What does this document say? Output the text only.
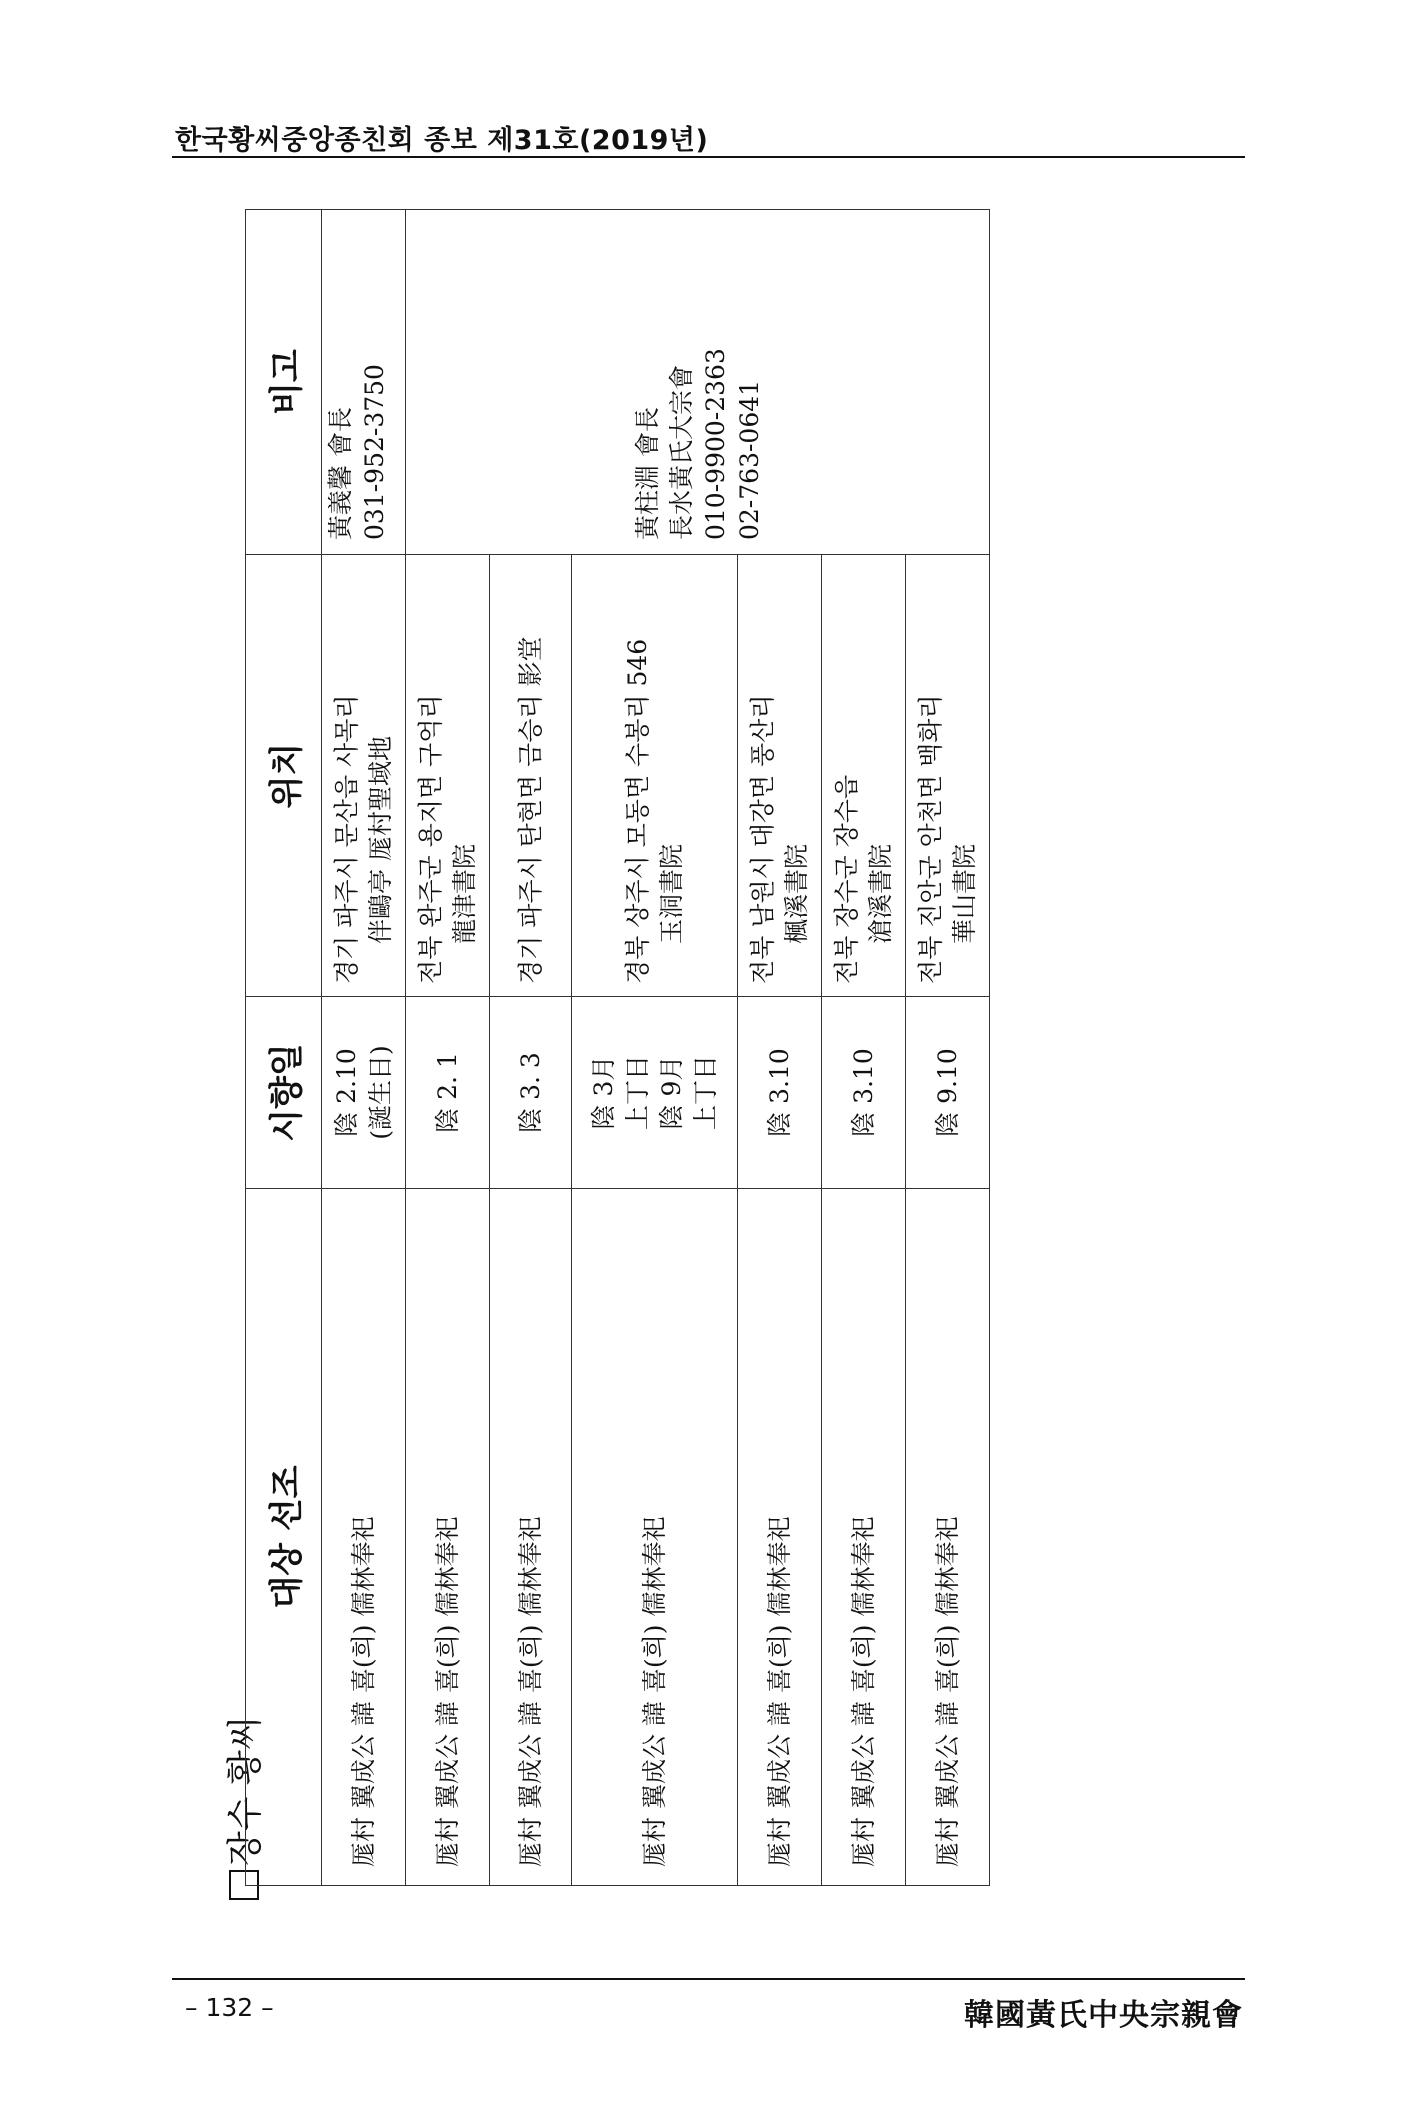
한국황씨중앙종친회 종보 제31호(2019년)
장수 황씨
대상 선조	시향일	위치	비고
厖村 翼成公 諱 喜(희) 儒林奉祀	陰 2.10 (誕生日)	경기 파주시 문산읍 사목리 伴鷗亭 厖村聖域地	黃義馨 會長 031-952-3750

厖村 翼成公 諱 喜(희) 儒林奉祀	陰 2. 1	전북 완주군 용지면 구억리 龍津書院	黃柱淵 會長 長水黃氏大宗會 010-9900-2363 02-763-0641

厖村 翼成公 諱 喜(희) 儒林奉祀	陰 3. 3	경기 파주시 탄현면 금승리 影堂	
厖村 翼成公 諱 喜(희) 儒林奉祀	陰 3月 上丁日 陰 9月 上丁日	경북 상주시 모동면 수봉리 546 玉洞書院	

厖村 翼成公 諱 喜(희) 儒林奉祀	陰 3.10	전북 남원시 대강면 풍산리 楓溪書院	

厖村 翼成公 諱 喜(희) 儒林奉祀	陰 3.10	전북 장수군 장수읍 滄溪書院	

厖村 翼成公 諱 喜(희) 儒林奉祀	陰 9.10	전북 진안군 안천면 백화리 華山書院	
– 132 –	韓國黃氏中央宗親會
